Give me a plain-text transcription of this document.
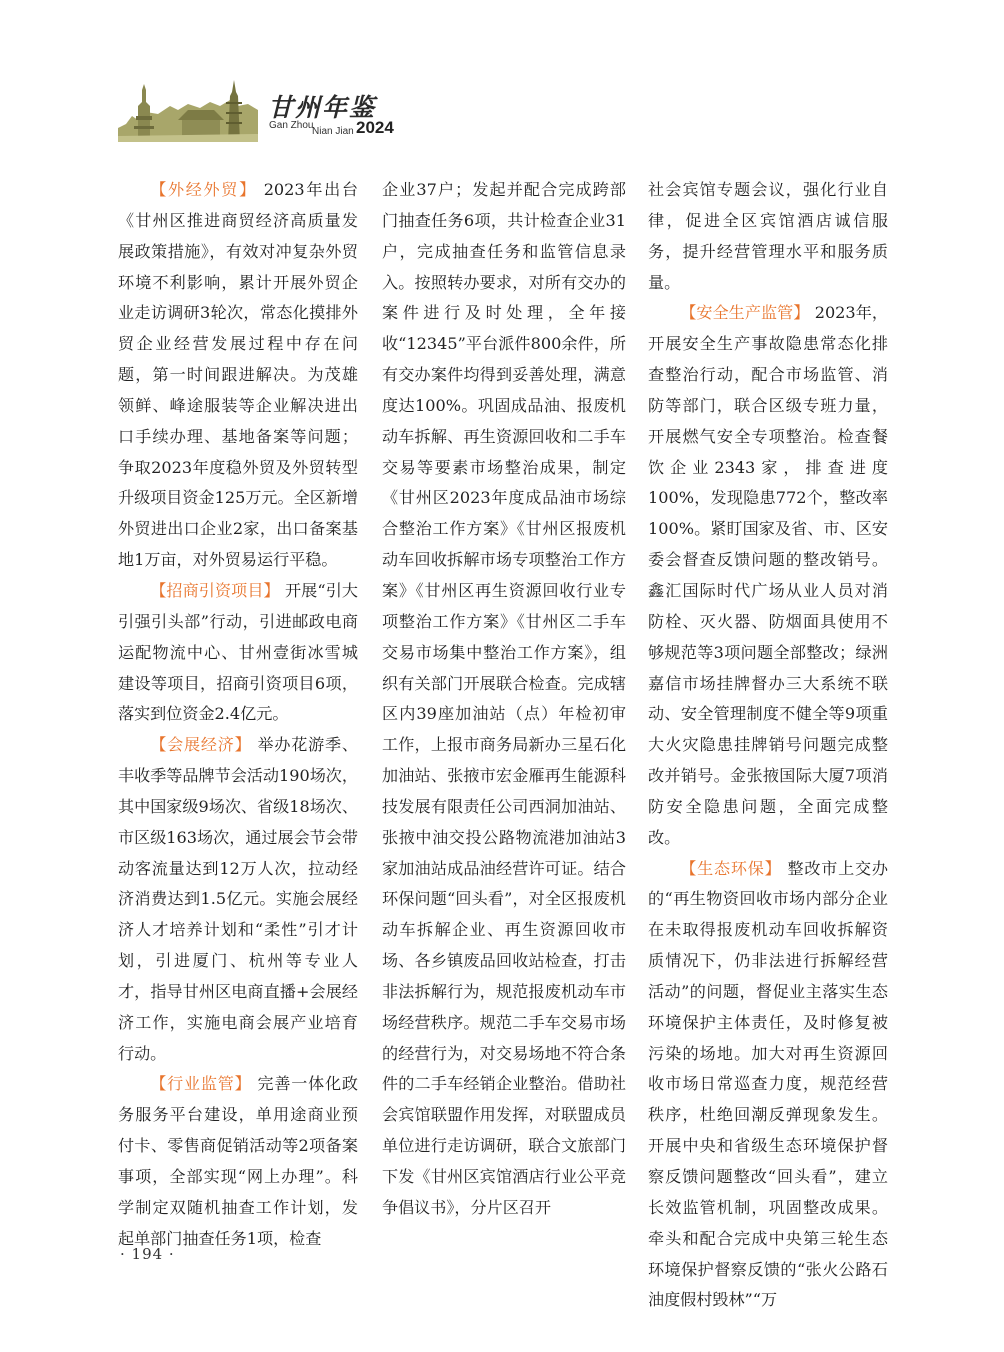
甘州年鉴
Gan Zhou
Nian Jian 2024

【外经外贸】 2023年出台《甘州区推进商贸经济高质量发展政策措施》，有效对冲复杂外贸环境不利影响，累计开展外贸企业走访调研3轮次，常态化摸排外贸企业经营发展过程中存在问题，第一时间跟进解决。为茂雄领鲜、峰途服装等企业解决进出口手续办理、基地备案等问题；争取2023年度稳外贸及外贸转型升级项目资金125万元。全区新增外贸进出口企业2家，出口备案基地1万亩，对外贸易运行平稳。

【招商引资项目】 开展“引大引强引头部”行动，引进邮政电商运配物流中心、甘州壹街冰雪城建设等项目，招商引资项目6项，落实到位资金2.4亿元。

【会展经济】 举办花游季、丰收季等品牌节会活动190场次，其中国家级9场次、省级18场次、市区级163场次，通过展会节会带动客流量达到12万人次，拉动经济消费达到1.5亿元。实施会展经济人才培养计划和“柔性”引才计划，引进厦门、杭州等专业人才，指导甘州区电商直播+会展经济工作，实施电商会展产业培育行动。

【行业监管】 完善一体化政务服务平台建设，单用途商业预付卡、零售商促销活动等2项备案事项，全部实现“网上办理”。科学制定双随机抽查工作计划，发起单部门抽查任务1项，检查

企业37户；发起并配合完成跨部门抽查任务6项，共计检查企业31户，完成抽查任务和监管信息录入。按照转办要求，对所有交办的案件进行及时处理，全年接收“12345”平台派件800余件，所有交办案件均得到妥善处理，满意度达100%。巩固成品油、报废机动车拆解、再生资源回收和二手车交易等要素市场整治成果，制定《甘州区2023年度成品油市场综合整治工作方案》《甘州区报废机动车回收拆解市场专项整治工作方案》《甘州区再生资源回收行业专项整治工作方案》《甘州区二手车交易市场集中整治工作方案》，组织有关部门开展联合检查。完成辖区内39座加油站（点）年检初审工作，上报市商务局新办三星石化加油站、张掖市宏金雁再生能源科技发展有限责任公司西洞加油站、张掖中油交投公路物流港加油站3家加油站成品油经营许可证。结合环保问题“回头看”，对全区报废机动车拆解企业、再生资源回收市场、各乡镇废品回收站检查，打击非法拆解行为，规范报废机动车市场经营秩序。规范二手车交易市场的经营行为，对交易场地不符合条件的二手车经销企业整治。借助社会宾馆联盟作用发挥，对联盟成员单位进行走访调研，联合文旅部门下发《甘州区宾馆酒店行业公平竞争倡议书》，分片区召开

社会宾馆专题会议，强化行业自律，促进全区宾馆酒店诚信服务，提升经营管理水平和服务质量。

【安全生产监管】 2023年，开展安全生产事故隐患常态化排查整治行动，配合市场监管、消防等部门，联合区级专班力量，开展燃气安全专项整治。检查餐饮企业2343家，排查进度100%，发现隐患772个，整改率100%。紧盯国家及省、市、区安委会督查反馈问题的整改销号。鑫汇国际时代广场从业人员对消防栓、灭火器、防烟面具使用不够规范等3项问题全部整改；绿洲嘉信市场挂牌督办三大系统不联动、安全管理制度不健全等9项重大火灾隐患挂牌销号问题完成整改并销号。金张掖国际大厦7项消防安全隐患问题，全面完成整改。

【生态环保】 整改市上交办的“再生物资回收市场内部分企业在未取得报废机动车回收拆解资质情况下，仍非法进行拆解经营活动”的问题，督促业主落实生态环境保护主体责任，及时修复被污染的场地。加大对再生资源回收市场日常巡查力度，规范经营秩序，杜绝回潮反弹现象发生。开展中央和省级生态环境保护督察反馈问题整改“回头看”，建立长效监管机制，巩固整改成果。牵头和配合完成中央第三轮生态环境保护督察反馈的“张火公路石油度假村毁林”“万

· 194 ·
